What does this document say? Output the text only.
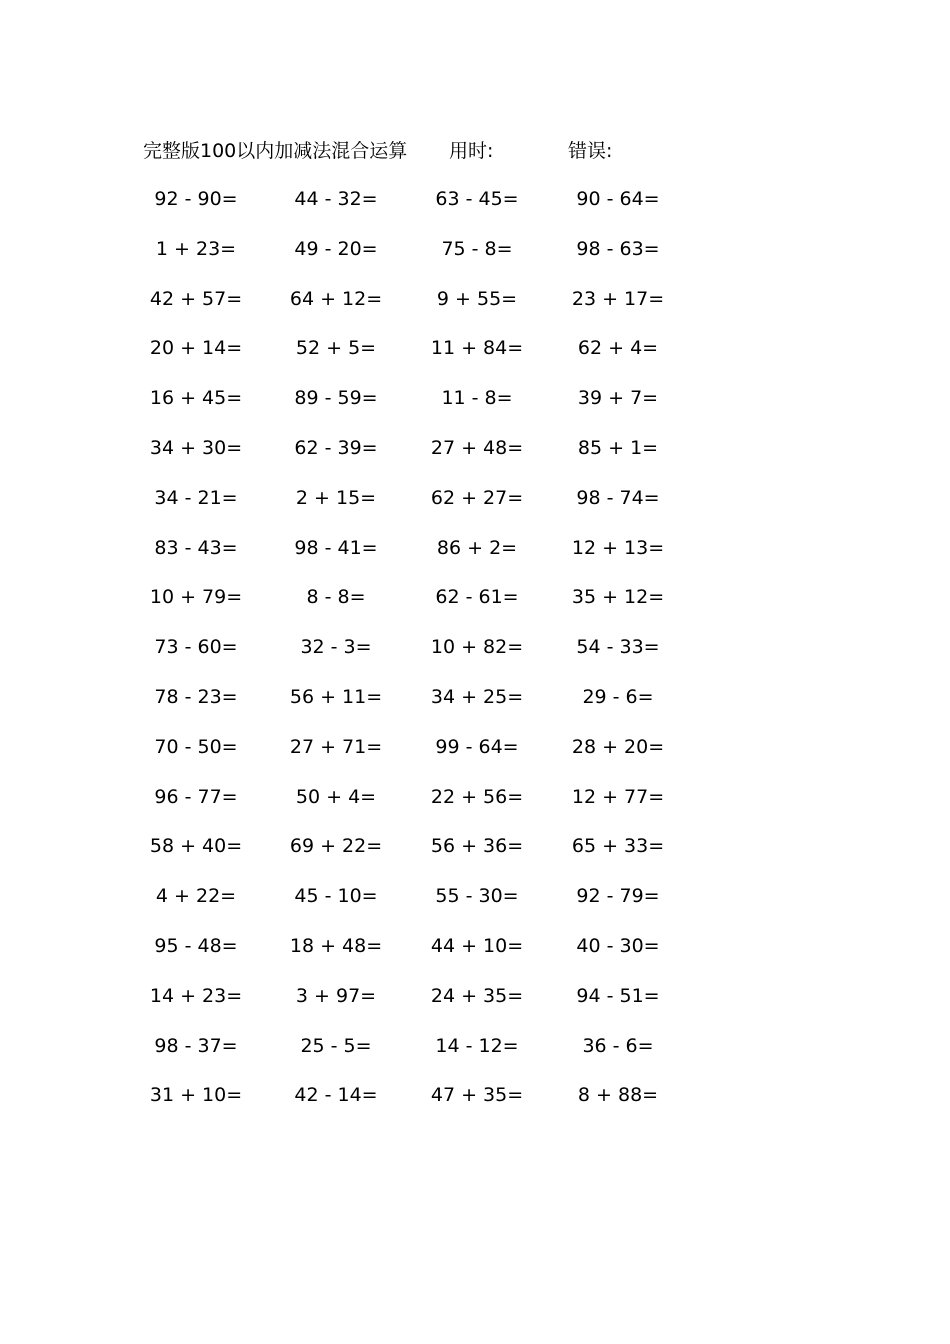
完整版100以内加减法混合运算 用时:	错误:
92 - 90=	44 - 32=	63 - 45=	90 - 64=
1 + 23=	49 - 20=	75 - 8=	98 - 63=
42 + 57=	64 + 12=	9 + 55=	23 + 17=
20 + 14=	52 + 5=	11 + 84=	62 + 4=
16 + 45=	89 - 59=	11 - 8=	39 + 7=
34 + 30=	62 - 39=	27 + 48=	85 + 1=
34 - 21=	2 + 15=	62 + 27=	98 - 74=
83 - 43=	98 - 41=	86 + 2=	12 + 13=
10 + 79=	8 - 8=	62 - 61=	35 + 12=
73 - 60=	32 - 3=	10 + 82=	54 - 33=
78 - 23=	56 + 11=	34 + 25=	29 - 6=
70 - 50=	27 + 71=	99 - 64=	28 + 20=
96 - 77=	50 + 4=	22 + 56=	12 + 77=
58 + 40=	69 + 22=	56 + 36=	65 + 33=
4 + 22=	45 - 10=	55 - 30=	92 - 79=
95 - 48=	18 + 48=	44 + 10=	40 - 30=
14 + 23=	3 + 97=	24 + 35=	94 - 51=
98 - 37=	25 - 5=	14 - 12=	36 - 6=
31 + 10=	42 - 14=	47 + 35=	8 + 88=
